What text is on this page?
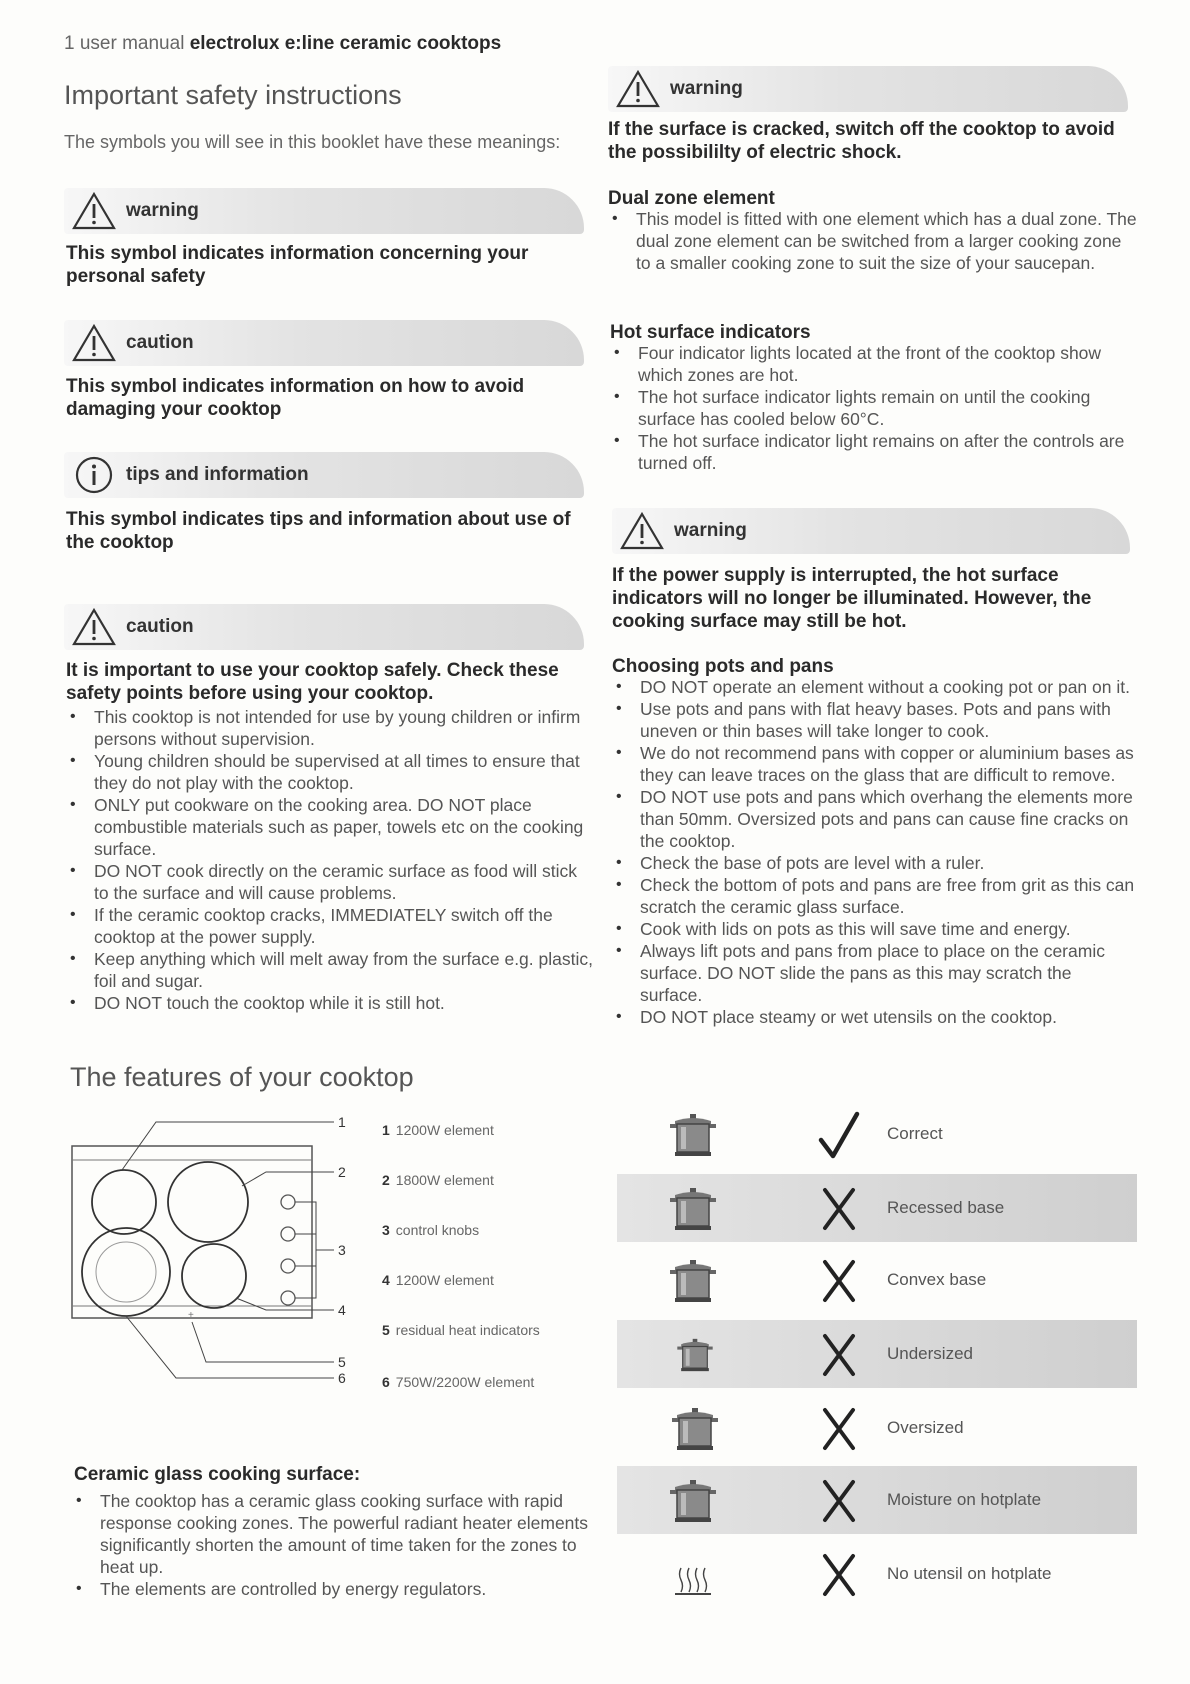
1 user manual electrolux e:line ceramic cooktops
Important safety instructions
The symbols you will see in this booklet have these meanings:
warning
This symbol indicates information concerning your personal safety
caution
This symbol indicates information on how to avoid damaging your cooktop
tips and information
This symbol indicates tips and information about use of the cooktop
caution
It is important to use your cooktop safely. Check these safety points before using your cooktop.
• This cooktop is not intended for use by young children or infirm persons without supervision.
• Young children should be supervised at all times to ensure that they do not play with the cooktop.
• ONLY put cookware on the cooking area. DO NOT place combustible materials such as paper, towels etc on the cooking surface.
• DO NOT cook directly on the ceramic surface as food will stick to the surface and will cause problems.
• If the ceramic cooktop cracks, IMMEDIATELY switch off the cooktop at the power supply.
• Keep anything which will melt away from the surface e.g. plastic, foil and sugar.
• DO NOT touch the cooktop while it is still hot.
The features of your cooktop
+
1
2
3
4
5
6
1 1200W element
2 1800W element
3 control knobs
4 1200W element
5 residual heat indicators
6 750W/2200W element
Ceramic glass cooking surface:
• The cooktop has a ceramic glass cooking surface with rapid response cooking zones. The powerful radiant heater elements significantly shorten the amount of time taken for the zones to heat up.
• The elements are controlled by energy regulators.
warning
If the surface is cracked, switch off the cooktop to avoid the possibililty of electric shock.
Dual zone element
• This model is fitted with one element which has a dual zone. The dual zone element can be switched from a larger cooking zone to a smaller cooking zone to suit the size of your saucepan.
Hot surface indicators
• Four indicator lights located at the front of the cooktop show which zones are hot.
• The hot surface indicator lights remain on until the cooking surface has cooled below 60°C.
• The hot surface indicator light remains on after the controls are turned off.
warning
If the power supply is interrupted, the hot surface indicators will no longer be illuminated. However, the cooking surface may still be hot.
Choosing pots and pans
• DO NOT operate an element without a cooking pot or pan on it.
• Use pots and pans with flat heavy bases. Pots and pans with uneven or thin bases will take longer to cook.
• We do not recommend pans with copper or aluminium bases as they can leave traces on the glass that are difficult to remove.
• DO NOT use pots and pans which overhang the elements more than 50mm. Oversized pots and pans can cause fine cracks on the cooktop.
• Check the base of pots are level with a ruler.
• Check the bottom of pots and pans are free from grit as this can scratch the ceramic glass surface.
• Cook with lids on pots as this will save time and energy.
• Always lift pots and pans from place to place on the ceramic surface. DO NOT slide the pans as this may scratch the surface.
• DO NOT place steamy or wet utensils on the cooktop.
Correct
Recessed base
Convex base
Undersized
Oversized
Moisture on hotplate
No utensil on hotplate
